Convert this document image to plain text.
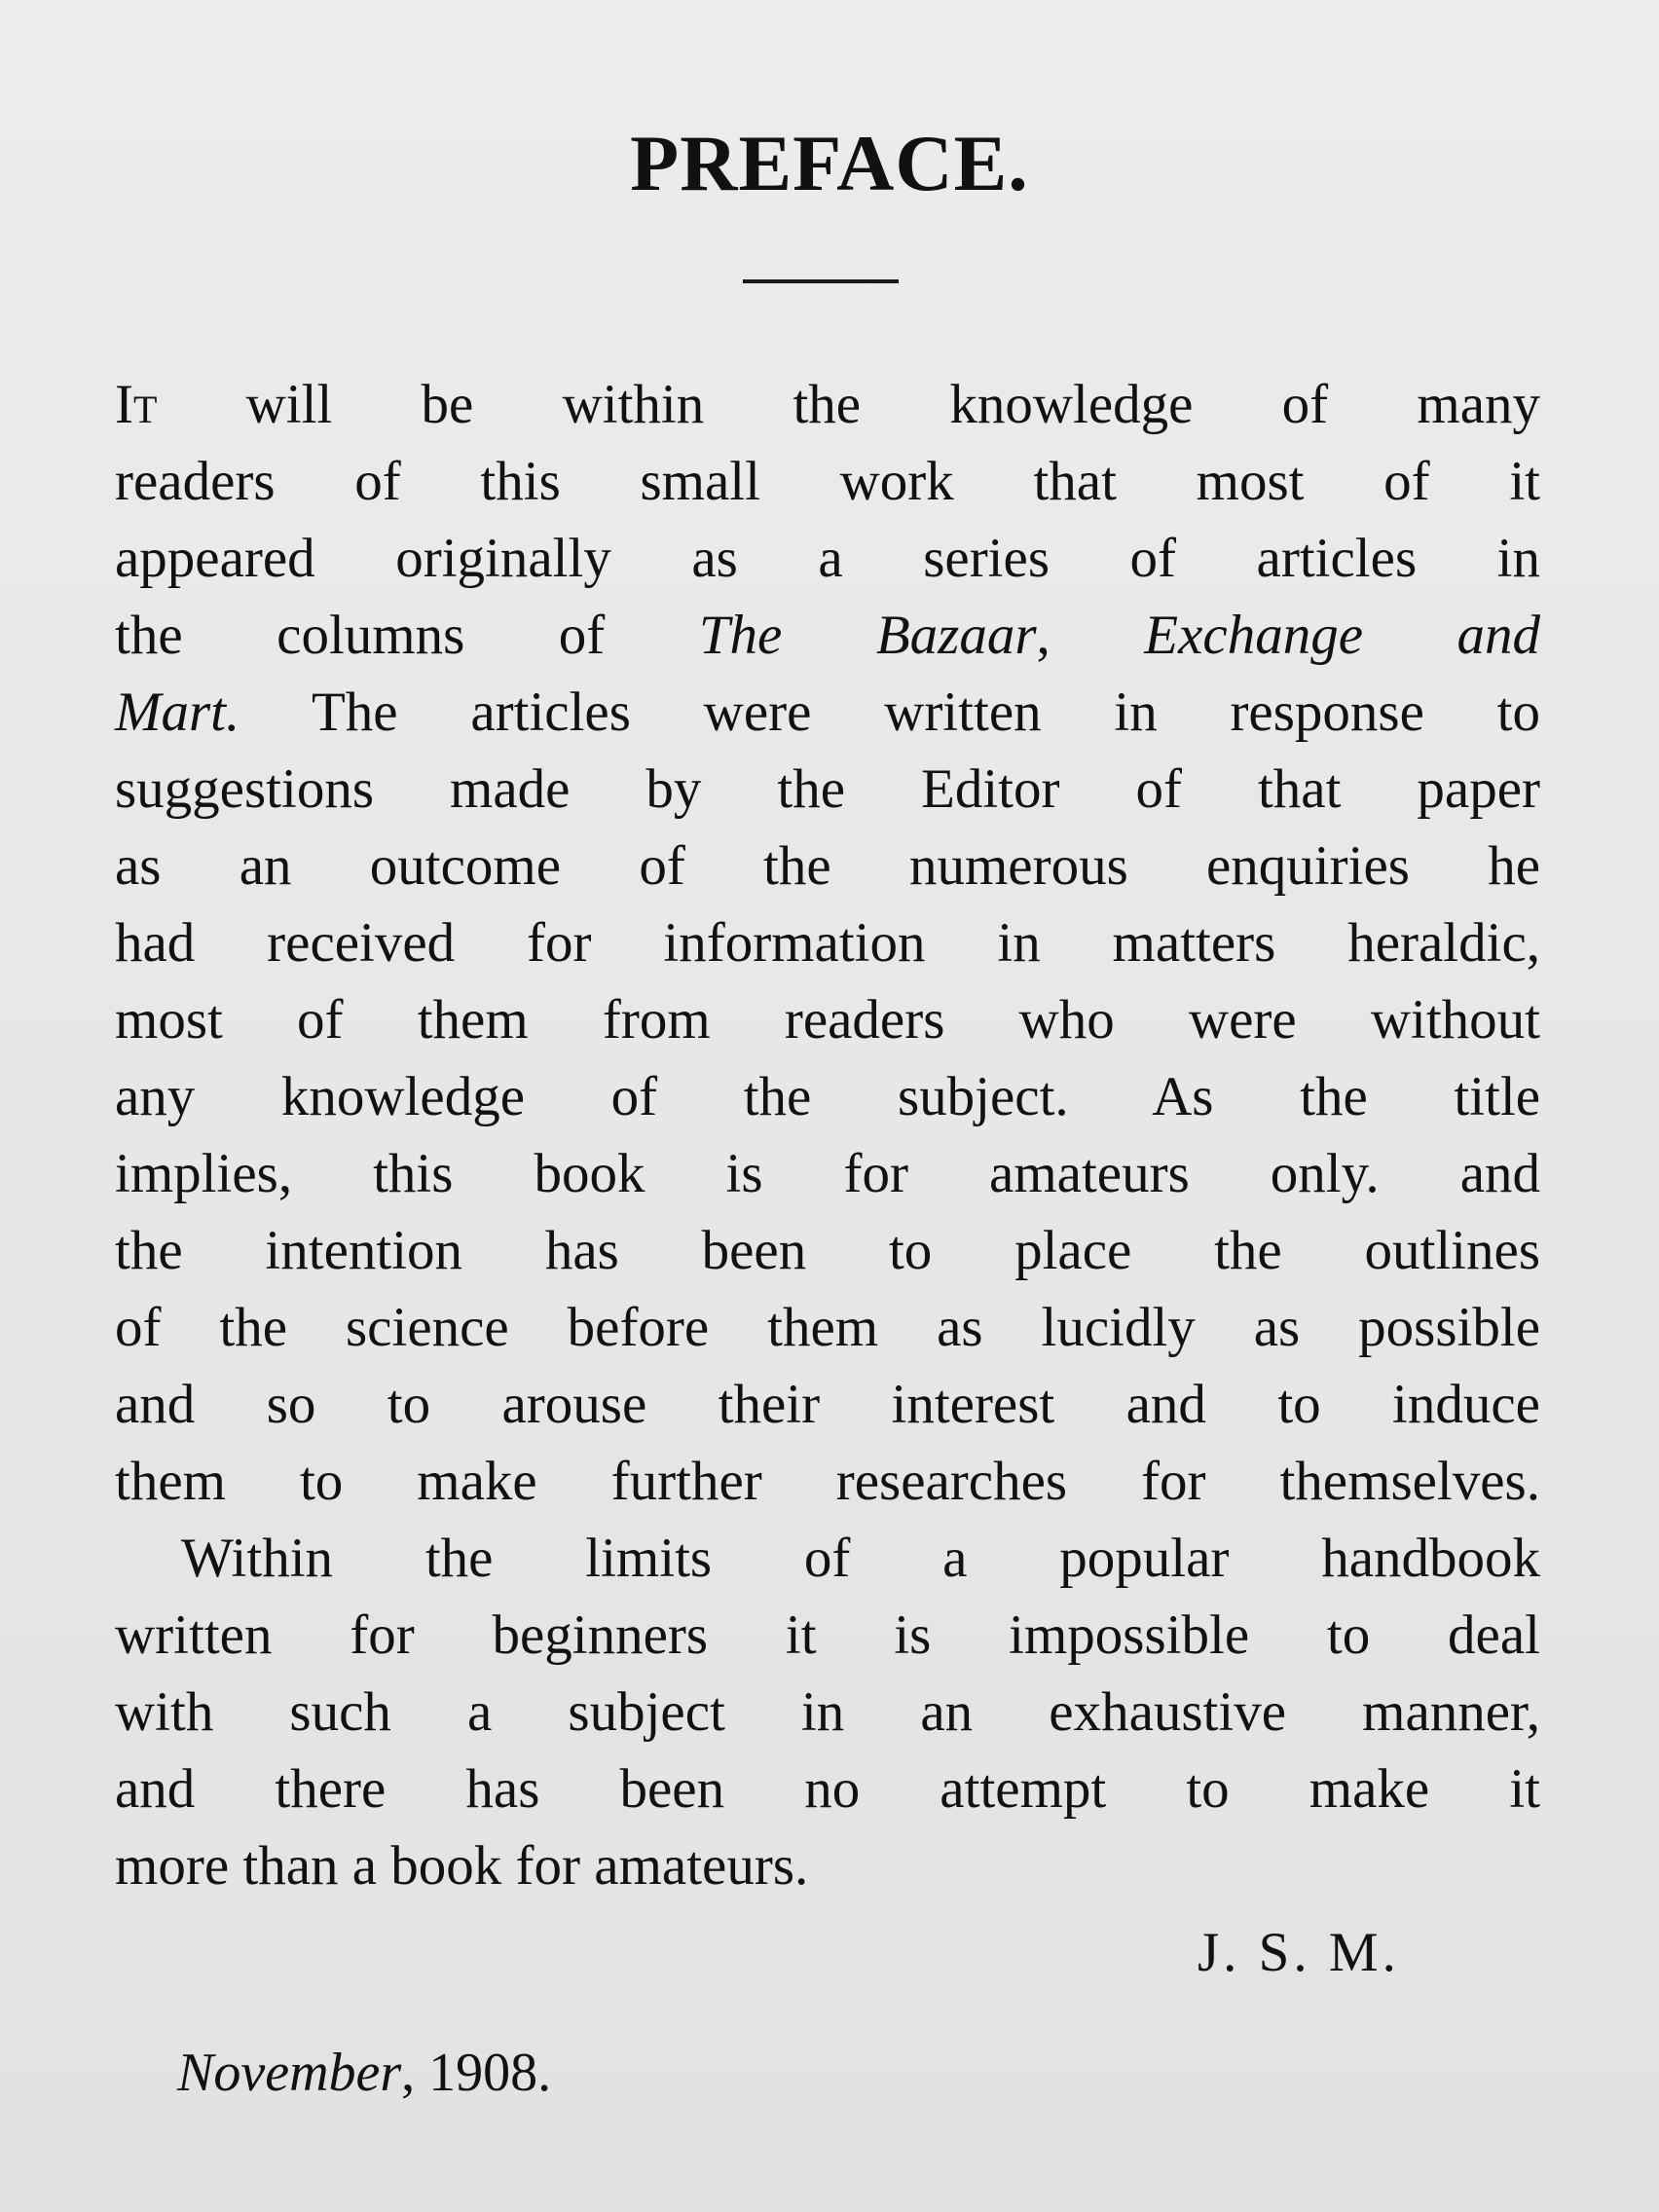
PREFACE.
It will be within the knowledge of many
readers of this small work that most of it
appeared originally as a series of articles in
the columns of The Bazaar, Exchange and
Mart. The articles were written in response to
suggestions made by the Editor of that paper
as an outcome of the numerous enquiries he
had received for information in matters heraldic,
most of them from readers who were without
any knowledge of the subject. As the title
implies, this book is for amateurs only. and
the intention has been to place the outlines
of the science before them as lucidly as possible
and so to arouse their interest and to induce
them to make further researches for themselves.
Within the limits of a popular handbook
written for beginners it is impossible to deal
with such a subject in an exhaustive manner,
and there has been no attempt to make it
more than a book for amateurs.
J. S. M.
November, 1908.
